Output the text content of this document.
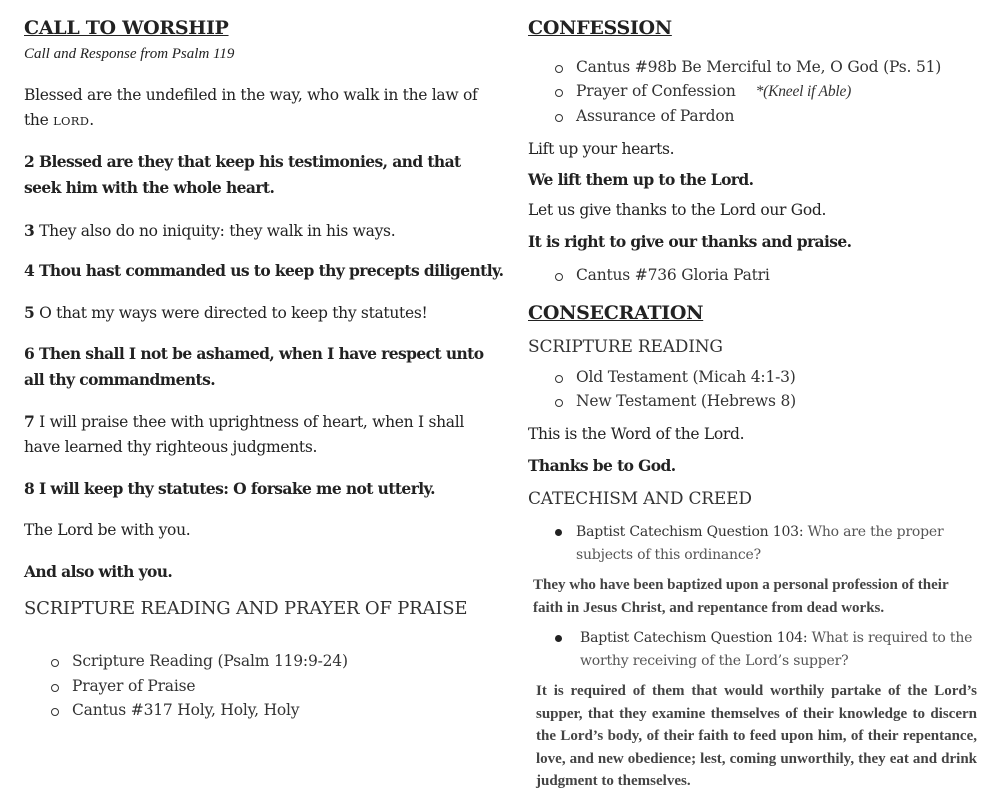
CALL TO WORSHIP
Call and Response from Psalm 119
Blessed are the undefiled in the way, who walk in the law of the LORD.
2 Blessed are they that keep his testimonies, and that seek him with the whole heart.
3 They also do no iniquity: they walk in his ways.
4 Thou hast commanded us to keep thy precepts diligently.
5 O that my ways were directed to keep thy statutes!
6 Then shall I not be ashamed, when I have respect unto all thy commandments.
7 I will praise thee with uprightness of heart, when I shall have learned thy righteous judgments.
8 I will keep thy statutes: O forsake me not utterly.
The Lord be with you.
And also with you.
SCRIPTURE READING AND PRAYER OF PRAISE
Scripture Reading (Psalm 119:9-24)
Prayer of Praise
Cantus #317 Holy, Holy, Holy
CONFESSION
Cantus #98b Be Merciful to Me, O God (Ps. 51)
Prayer of Confession *(Kneel if Able)
Assurance of Pardon
Lift up your hearts.
We lift them up to the Lord.
Let us give thanks to the Lord our God.
It is right to give our thanks and praise.
Cantus #736 Gloria Patri
CONSECRATION
SCRIPTURE READING
Old Testament (Micah 4:1-3)
New Testament (Hebrews 8)
This is the Word of the Lord.
Thanks be to God.
CATECHISM AND CREED
Baptist Catechism Question 103: Who are the proper subjects of this ordinance?
They who have been baptized upon a personal profession of their faith in Jesus Christ, and repentance from dead works.
Baptist Catechism Question 104: What is required to the worthy receiving of the Lord’s supper?
It is required of them that would worthily partake of the Lord’s supper, that they examine themselves of their knowledge to discern the Lord’s body, of their faith to feed upon him, of their repentance, love, and new obedience; lest, coming unworthily, they eat and drink judgment to themselves.
